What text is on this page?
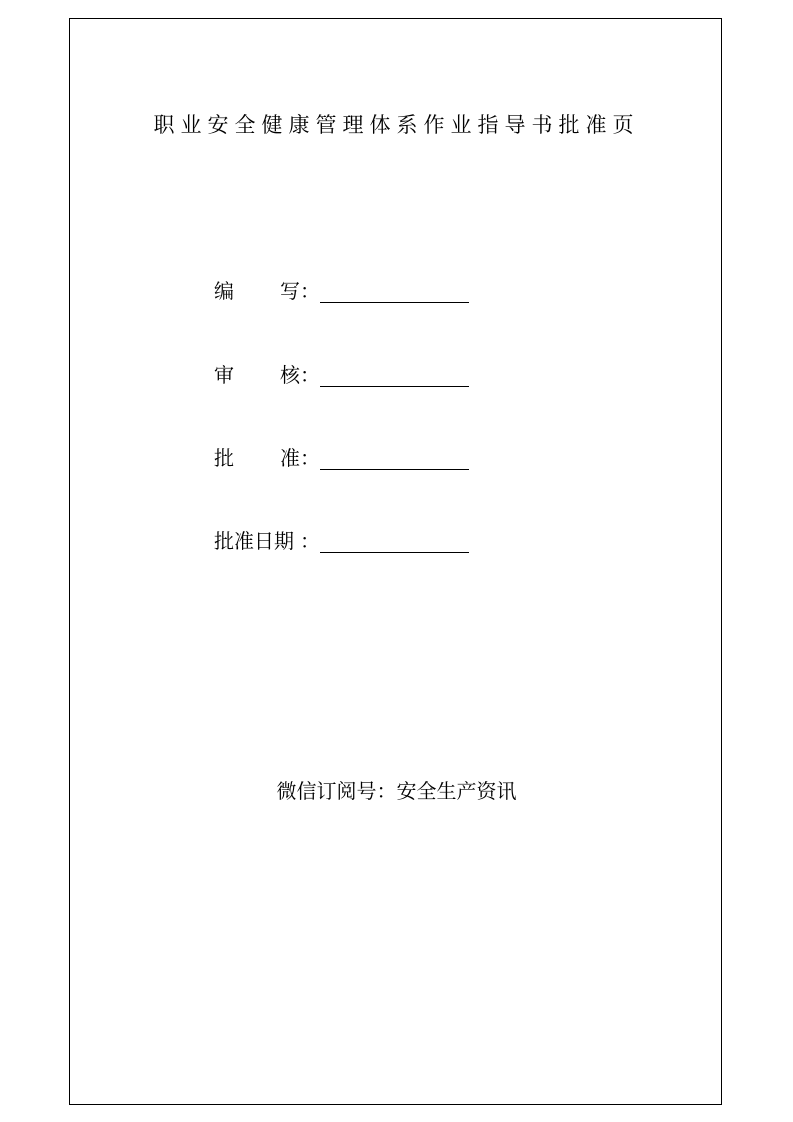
职业安全健康管理体系作业指导书批准页
编 写 ：
审 核 ：
批 准 ：
批准日期 ：
微信订阅号：安全生产资讯
